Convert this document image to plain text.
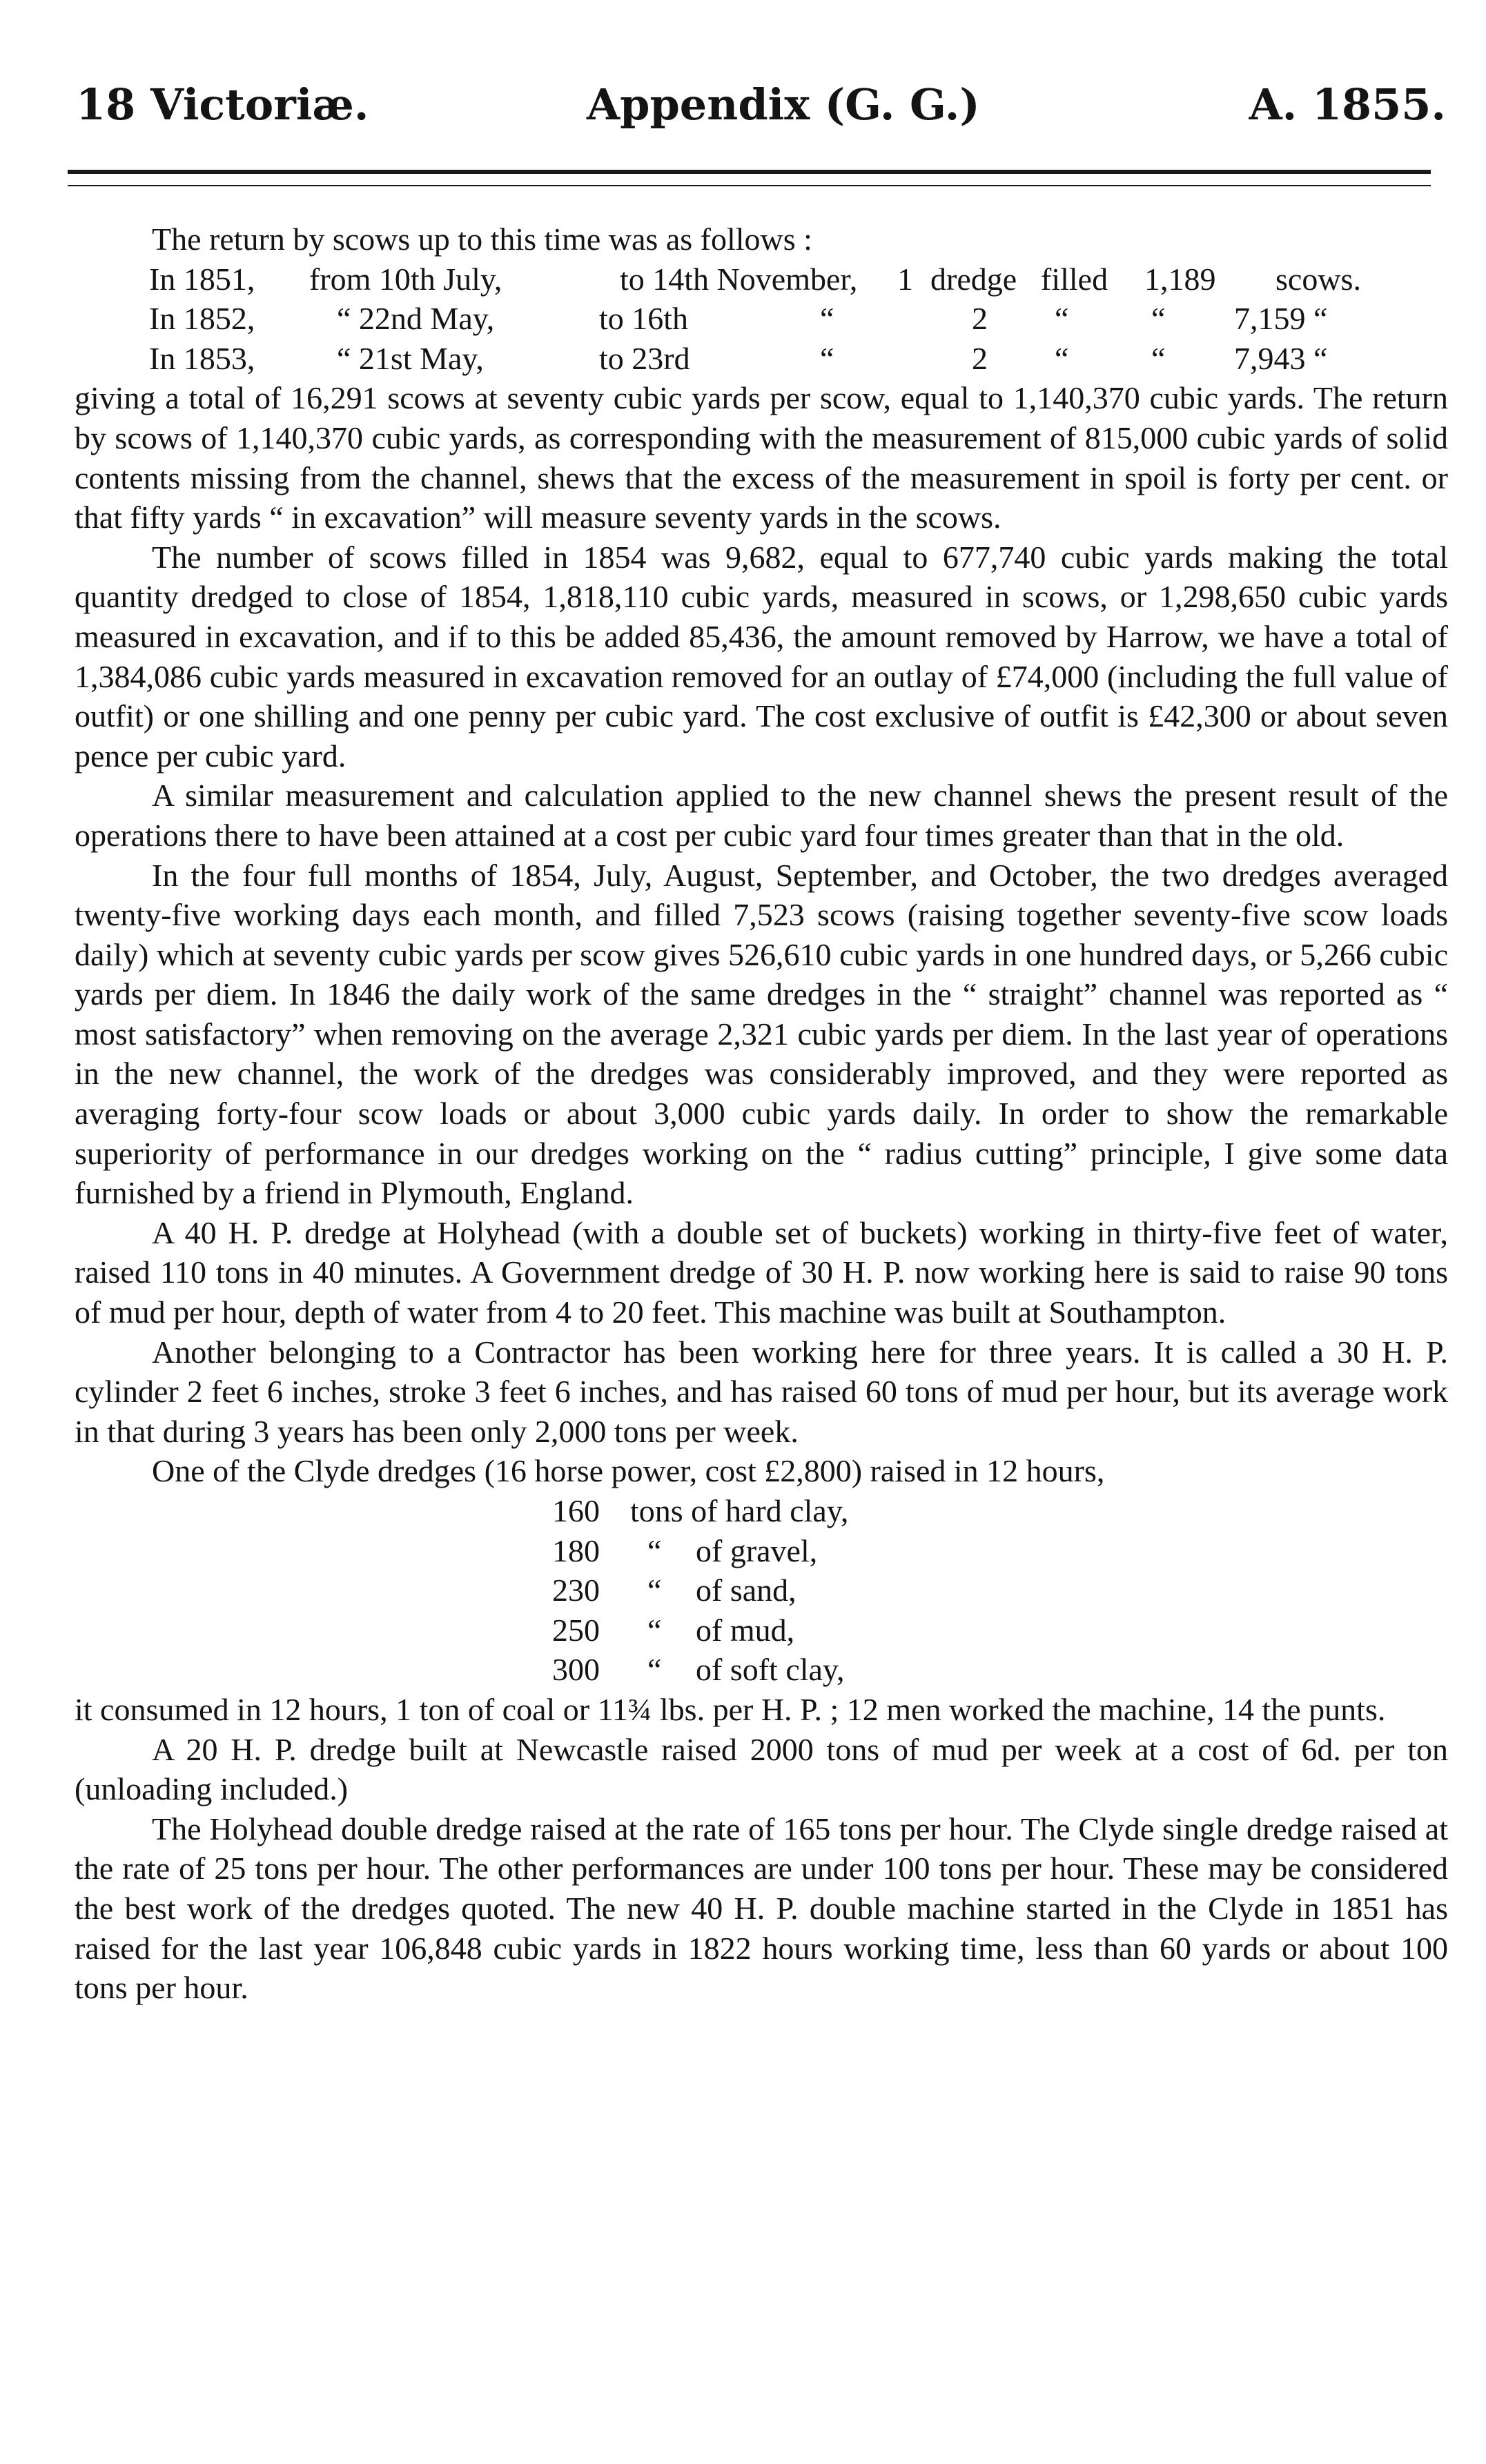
18 Victoriæ.	Appendix (G. G.)	A. 1855.

The return by scows up to this time was as follows :

In 1851, from 10th July,	to 14th November, 1 dredge filled 1,189 scows.
In 1852,	“ 22nd May,	to 16th	“	2 “	“ 7,159 “
In 1853,	“ 21st May,	to 23rd	“	2 “	“ 7,943 “

giving a total of 16,291 scows at seventy cubic yards per scow, equal to 1,140,370 cubic yards. The return by scows of 1,140,370 cubic yards, as corresponding with the measurement of 815,000 cubic yards of solid contents missing from the channel, shews that the excess of the measurement in spoil is forty per cent. or that fifty yards “ in excavation” will measure seventy yards in the scows.

The number of scows filled in 1854 was 9,682, equal to 677,740 cubic yards making the total quantity dredged to close of 1854, 1,818,110 cubic yards, measured in scows, or 1,298,650 cubic yards measured in excavation, and if to this be added 85,436, the amount removed by Harrow, we have a total of 1,384,086 cubic yards measured in excavation removed for an outlay of £74,000 (including the full value of outfit) or one shilling and one penny per cubic yard. The cost exclusive of outfit is £42,300 or about seven pence per cubic yard.

A similar measurement and calculation applied to the new channel shews the present result of the operations there to have been attained at a cost per cubic yard four times greater than that in the old.

In the four full months of 1854, July, August, September, and October, the two dredges averaged twenty-five working days each month, and filled 7,523 scows (raising together seventy-five scow loads daily) which at seventy cubic yards per scow gives 526,610 cubic yards in one hundred days, or 5,266 cubic yards per diem. In 1846 the daily work of the same dredges in the “ straight” channel was reported as “ most satisfactory” when removing on the average 2,321 cubic yards per diem. In the last year of operations in the new channel, the work of the dredges was considerably improved, and they were reported as averaging forty-four scow loads or about 3,000 cubic yards daily. In order to show the remarkable superiority of performance in our dredges working on the “ radius cutting” principle, I give some data furnished by a friend in Plymouth, England.

A 40 H. P. dredge at Holyhead (with a double set of buckets) working in thirty-five feet of water, raised 110 tons in 40 minutes. A Government dredge of 30 H. P. now working here is said to raise 90 tons of mud per hour, depth of water from 4 to 20 feet. This machine was built at Southampton.

Another belonging to a Contractor has been working here for three years. It is called a 30 H. P. cylinder 2 feet 6 inches, stroke 3 feet 6 inches, and has raised 60 tons of mud per hour, but its average work in that during 3 years has been only 2,000 tons per week.

One of the Clyde dredges (16 horse power, cost £2,800) raised in 12 hours,

160 tons of hard clay,
180 “ of gravel,
230 “ of sand,
250 “ of mud,
300 “ of soft clay,

it consumed in 12 hours, 1 ton of coal or 11¾ lbs. per H. P. ; 12 men worked the machine, 14 the punts.

A 20 H. P. dredge built at Newcastle raised 2000 tons of mud per week at a cost of 6d. per ton (unloading included.)

The Holyhead double dredge raised at the rate of 165 tons per hour. The Clyde single dredge raised at the rate of 25 tons per hour. The other performances are under 100 tons per hour. These may be considered the best work of the dredges quoted. The new 40 H. P. double machine started in the Clyde in 1851 has raised for the last year 106,848 cubic yards in 1822 hours working time, less than 60 yards or about 100 tons per hour.
